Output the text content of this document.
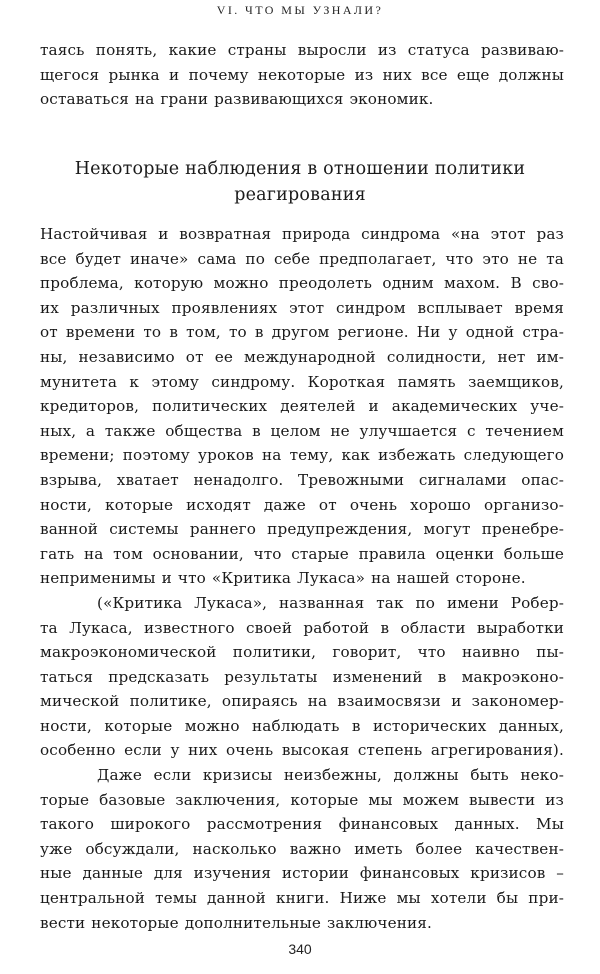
VI. ЧТО МЫ УЗНАЛИ?
таясь понять, какие страны выросли из статуса развиваю-
щегося рынка и почему некоторые из них все еще должны
оставаться на грани развивающихся экономик.
Некоторые наблюдения в отношении политики
реагирования
Настойчивая и возвратная природа синдрома «на этот раз
все будет иначе» сама по себе предполагает, что это не та
проблема, которую можно преодолеть одним махом. В сво-
их различных проявлениях этот синдром всплывает время
от времени то в том, то в другом регионе. Ни у одной стра-
ны, независимо от ее международной солидности, нет им-
мунитета к этому синдрому. Короткая память заемщиков,
кредиторов, политических деятелей и академических уче-
ных, а также общества в целом не улучшается с течением
времени; поэтому уроков на тему, как избежать следующего
взрыва, хватает ненадолго. Тревожными сигналами опас-
ности, которые исходят даже от очень хорошо организо-
ванной системы раннего предупреждения, могут пренебре-
гать на том основании, что старые правила оценки больше
неприменимы и что «Критика Лукаса» на нашей стороне.
(«Критика Лукаса», названная так по имени Робер-
та Лукаса, известного своей работой в области выработки
макроэкономической политики, говорит, что наивно пы-
таться предсказать результаты изменений в макроэконо-
мической политике, опираясь на взаимосвязи и закономер-
ности, которые можно наблюдать в исторических данных,
особенно если у них очень высокая степень агрегирования).
Даже если кризисы неизбежны, должны быть неко-
торые базовые заключения, которые мы можем вывести из
такого широкого рассмотрения финансовых данных. Мы
уже обсуждали, насколько важно иметь более качествен-
ные данные для изучения истории финансовых кризисов –
центральной темы данной книги. Ниже мы хотели бы при-
вести некоторые дополнительные заключения.
340
